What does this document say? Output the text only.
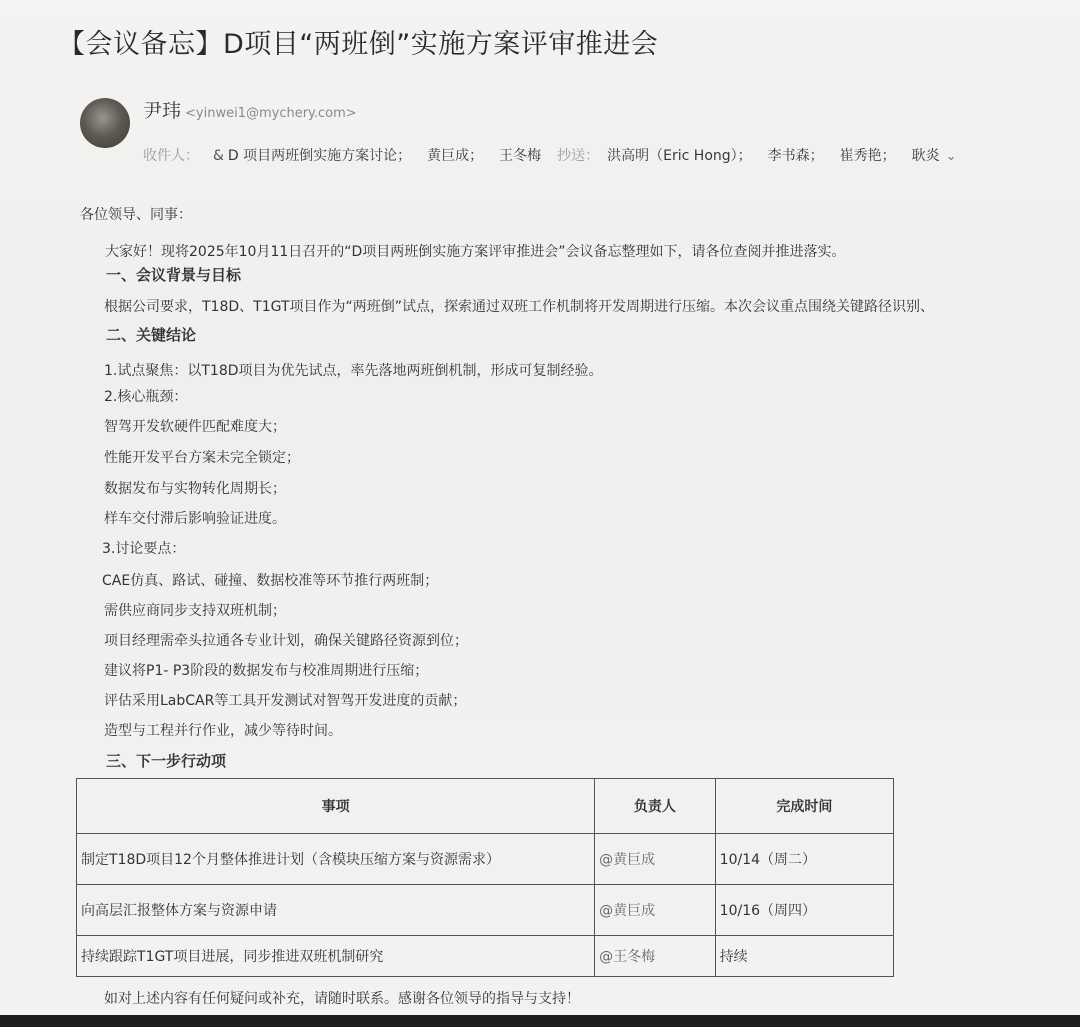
【会议备忘】D项目“两班倒”实施方案评审推进会
尹玮 <yinwei1@mychery.com>
收件人： & D 项目两班倒实施方案讨论； 黄巨成； 王冬梅 抄送： 洪高明（Eric Hong）； 李书森； 崔秀艳； 耿炎 ⌄
各位领导、同事：
大家好！现将2025年10月11日召开的“D项目两班倒实施方案评审推进会”会议备忘整理如下，请各位查阅并推进落实。
一、会议背景与目标
根据公司要求，T18D、T1GT项目作为“两班倒”试点，探索通过双班工作机制将开发周期进行压缩。本次会议重点围绕关键路径识别、
二、关键结论
1.试点聚焦：以T18D项目为优先试点，率先落地两班倒机制，形成可复制经验。
2.核心瓶颈：
智驾开发软硬件匹配难度大；
性能开发平台方案未完全锁定；
数据发布与实物转化周期长；
样车交付滞后影响验证进度。
3.讨论要点：
CAE仿真、路试、碰撞、数据校准等环节推行两班制；
需供应商同步支持双班机制；
项目经理需牵头拉通各专业计划，确保关键路径资源到位；
建议将P1- P3阶段的数据发布与校准周期进行压缩；
评估采用LabCAR等工具开发测试对智驾开发进度的贡献；
造型与工程并行作业，减少等待时间。
三、下一步行动项
事项	负责人	完成时间
制定T18D项目12个月整体推进计划（含模块压缩方案与资源需求）	@黄巨成	10/14（周二）
向高层汇报整体方案与资源申请	@黄巨成	10/16（周四）
持续跟踪T1GT项目进展，同步推进双班机制研究	@王冬梅	持续
如对上述内容有任何疑问或补充，请随时联系。感谢各位领导的指导与支持！
